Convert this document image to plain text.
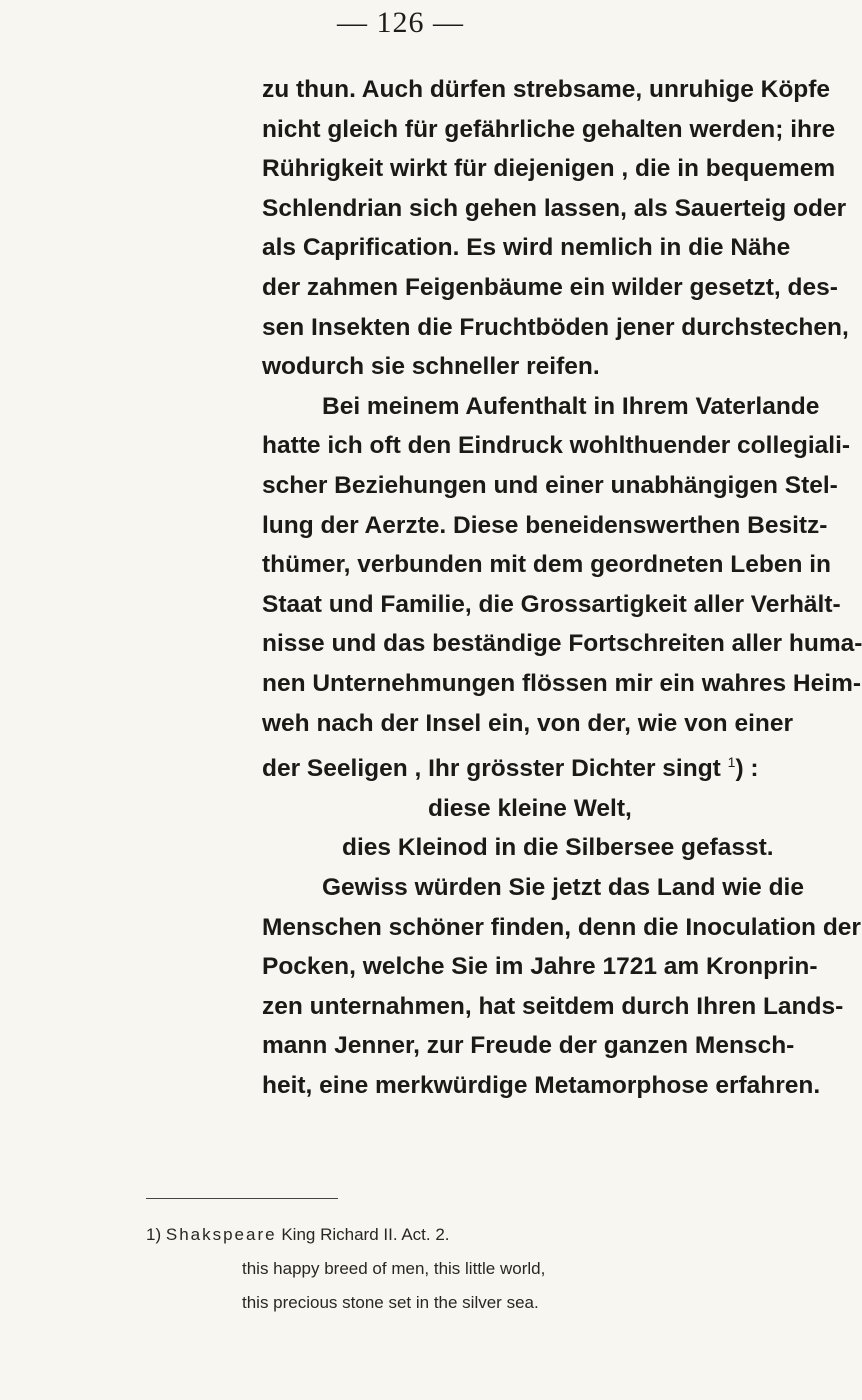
— 126 —
zu thun. Auch dürfen strebsame, unruhige Köpfe
nicht gleich für gefährliche gehalten werden; ihre
Rührigkeit wirkt für diejenigen , die in bequemem
Schlendrian sich gehen lassen, als Sauerteig oder
als Caprification. Es wird nemlich in die Nähe
der zahmen Feigenbäume ein wilder gesetzt, des-
sen Insekten die Fruchtböden jener durchstechen,
wodurch sie schneller reifen.
Bei meinem Aufenthalt in Ihrem Vaterlande
hatte ich oft den Eindruck wohlthuender collegiali-
scher Beziehungen und einer unabhängigen Stel-
lung der Aerzte. Diese beneidenswerthen Besitz-
thümer, verbunden mit dem geordneten Leben in
Staat und Familie, die Grossartigkeit aller Verhält-
nisse und das beständige Fortschreiten aller huma-
nen Unternehmungen flössen mir ein wahres Heim-
weh nach der Insel ein, von der, wie von einer
der Seeligen , Ihr grösster Dichter singt $^1$) :
diese kleine Welt,
dies Kleinod in die Silbersee gefasst.
Gewiss würden Sie jetzt das Land wie die
Menschen schöner finden, denn die Inoculation der
Pocken, welche Sie im Jahre 1721 am Kronprin-
zen unternahmen, hat seitdem durch Ihren Lands-
mann Jenner, zur Freude der ganzen Mensch-
heit, eine merkwürdige Metamorphose erfahren.
1) Shakspeare King Richard II. Act. 2.
this happy breed of men, this little world,
this precious stone set in the silver sea.
